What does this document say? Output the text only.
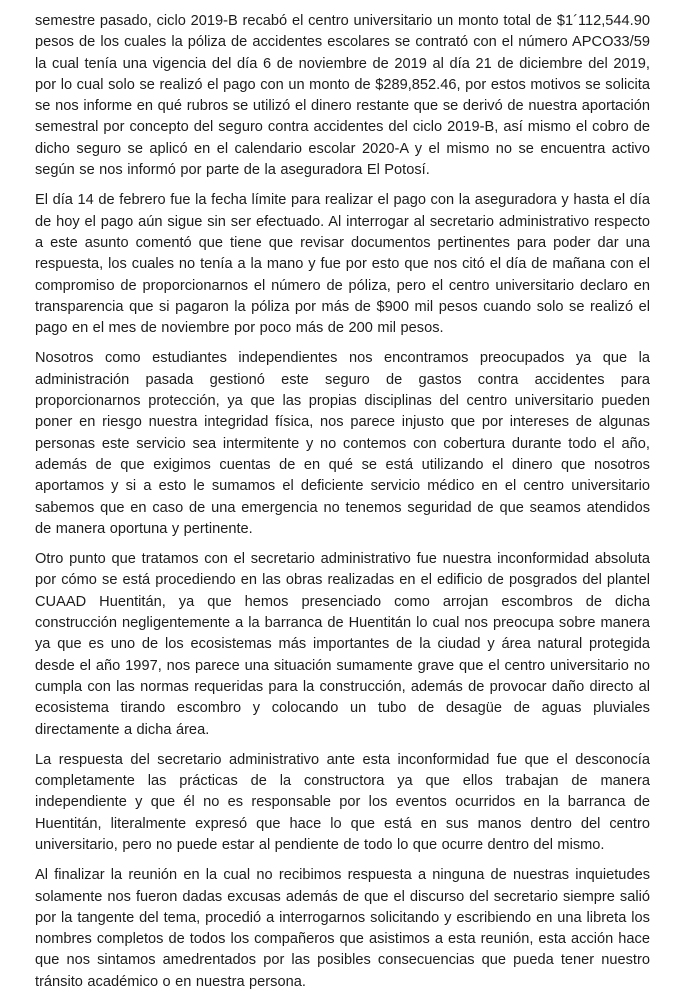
semestre pasado, ciclo 2019-B recabó el centro universitario un monto total de $1´112,544.90 pesos de los cuales la póliza de accidentes escolares se contrató con el número APCO33/59 la cual tenía una vigencia del día 6 de noviembre de 2019 al día 21 de diciembre del 2019, por lo cual solo se realizó el pago con un monto de $289,852.46, por estos motivos se solicita se nos informe en qué rubros se utilizó el dinero restante que se derivó de nuestra aportación semestral por concepto del seguro contra accidentes del ciclo 2019-B, así mismo el cobro de dicho seguro se aplicó en el calendario escolar 2020-A y el mismo no se encuentra activo según se nos informó por parte de la aseguradora El Potosí.

El día 14 de febrero fue la fecha límite para realizar el pago con la aseguradora y hasta el día de hoy el pago aún sigue sin ser efectuado. Al interrogar al secretario administrativo respecto a este asunto comentó que tiene que revisar documentos pertinentes para poder dar una respuesta, los cuales no tenía a la mano y fue por esto que nos citó el día de mañana con el compromiso de proporcionarnos el número de póliza, pero el centro universitario declaro en transparencia que si pagaron la póliza por más de $900 mil pesos cuando solo se realizó el pago en el mes de noviembre por poco más de 200 mil pesos.

Nosotros como estudiantes independientes nos encontramos preocupados ya que la administración pasada gestionó este seguro de gastos contra accidentes para proporcionarnos protección, ya que las propias disciplinas del centro universitario pueden poner en riesgo nuestra integridad física, nos parece injusto que por intereses de algunas personas este servicio sea intermitente y no contemos con cobertura durante todo el año, además de que exigimos cuentas de en qué se está utilizando el dinero que nosotros aportamos y si a esto le sumamos el deficiente servicio médico en el centro universitario sabemos que en caso de una emergencia no tenemos seguridad de que seamos atendidos de manera oportuna y pertinente.

Otro punto que tratamos con el secretario administrativo fue nuestra inconformidad absoluta por cómo se está procediendo en las obras realizadas en el edificio de posgrados del plantel CUAAD Huentitán, ya que hemos presenciado como arrojan escombros de dicha construcción negligentemente a la barranca de Huentitán lo cual nos preocupa sobre manera ya que es uno de los ecosistemas más importantes de la ciudad y área natural protegida desde el año 1997, nos parece una situación sumamente grave que el centro universitario no cumpla con las normas requeridas para la construcción, además de provocar daño directo al ecosistema tirando escombro y colocando un tubo de desagüe de aguas pluviales directamente a dicha área.

La respuesta del secretario administrativo ante esta inconformidad fue que el desconocía completamente las prácticas de la constructora ya que ellos trabajan de manera independiente y que él no es responsable por los eventos ocurridos en la barranca de Huentitán, literalmente expresó que hace lo que está en sus manos dentro del centro universitario, pero no puede estar al pendiente de todo lo que ocurre dentro del mismo.

Al finalizar la reunión en la cual no recibimos respuesta a ninguna de nuestras inquietudes solamente nos fueron dadas excusas además de que el discurso del secretario siempre salió por la tangente del tema, procedió a interrogarnos solicitando y escribiendo en una libreta los nombres completos de todos los compañeros que asistimos a esta reunión, esta acción hace que nos sintamos amedrentados por las posibles consecuencias que pueda tener nuestro tránsito académico o en nuestra persona.
